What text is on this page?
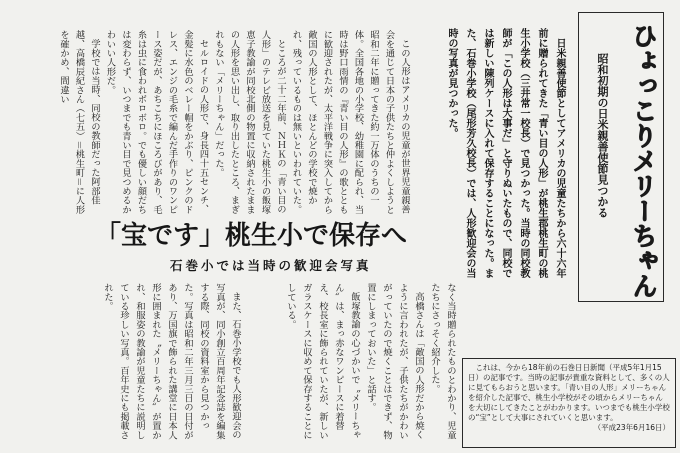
ひょっこりメリーちゃん
昭和初期の日米親善使節見つかる

日米親善使節としてアメリカの児童たちから六十六年前に贈られてきた「青い目の人形」が桃生郡桃生町の桃生小学校（三井常一校長）で見つかった。当時の同校教師が「この人形は大事だ」と守りぬいたもので、同校では新しい陳列ケースに入れて保存することになった。また、石巻小学校（尾形芳久校長）では、人形歓迎会の当時の写真が見つかった。

この人形はアメリカの児童が世界児童親善会を通じて日本の子供たちと仲よくしようと昭和二年に贈ってきた約一万体のうちの一体。全国各地の小学校、幼稚園に配られ、当時は野口雨情の『青い目の人形』の歌とともに歓迎されたが、太平洋戦争に突入してから敵国の人形として、ほとんどの学校で焼かれ、残っているものは無いといわれていた。

ところが二十二年前、ＮＨＫの「青い目の人形」のテレビ放送を見ていた桃生小の飯塚恵子教諭が同校北側の物置に収納されたままの人形を思い出し、取り出したところ、まぎれもない「メリーちゃん」だった。

セルロイドの人形で、身長四十五センチ、金髪に水色のベレー帽をかぶり、ピンクのドレス、エンジの毛糸で編んだ手作りのワンピース姿だが、あちこちにほころびがあり、毛糸は虫に食われボロボロ。でも優しい顔だちは変わらず、いつまでも青い目で見つめるかわいい人形だ。

学校では当時、同校の教師だった阿部佳越、高橋辰紀さん（七五）＝桃生町＝に人形を確かめ、間違い

「宝です」桃生小で保存へ
石巻小では当時の歓迎会写真

なく当時贈られたものとわかり、児童たちにさっそく紹介した。

高橋さんは「敵国の人形だから焼くように言われたが、子供たちがかわいがっていたので焼くことはできず、物置にしまっておいた」と話す。

飯塚教諭の心づかいで〝メリーちゃん〟は、まっ赤なワンピースに着替え、校長室に飾られていたが、新しいガラスケースに収めて保存することにしている。

また、石巻小学校でも人形歓迎会の写真が、同小創立百周年記念誌を編集する際、同校の資料室から見つかった。写真は昭和二年三月三日の日付があり、万国旗で飾られた講堂に日本人形に囲まれた〝メリーちゃん〟が置かれ、和服姿の教諭が児童たちに説明している珍しい写真。百年史にも掲載された。

これは、今から18年前の石巻日日新聞（平成5年1月15日）の記事です。当時の記事が貴重な資料として、多くの人に見てもらおうと思います。「青い目の人形」メリーちゃんを紹介した記事で、桃生小学校がその頃からメリーちゃんを大切にしてきたことがわかります。いつまでも桃生小学校の“宝”として大事にされていくと思います。

（平成23年6月16日）
